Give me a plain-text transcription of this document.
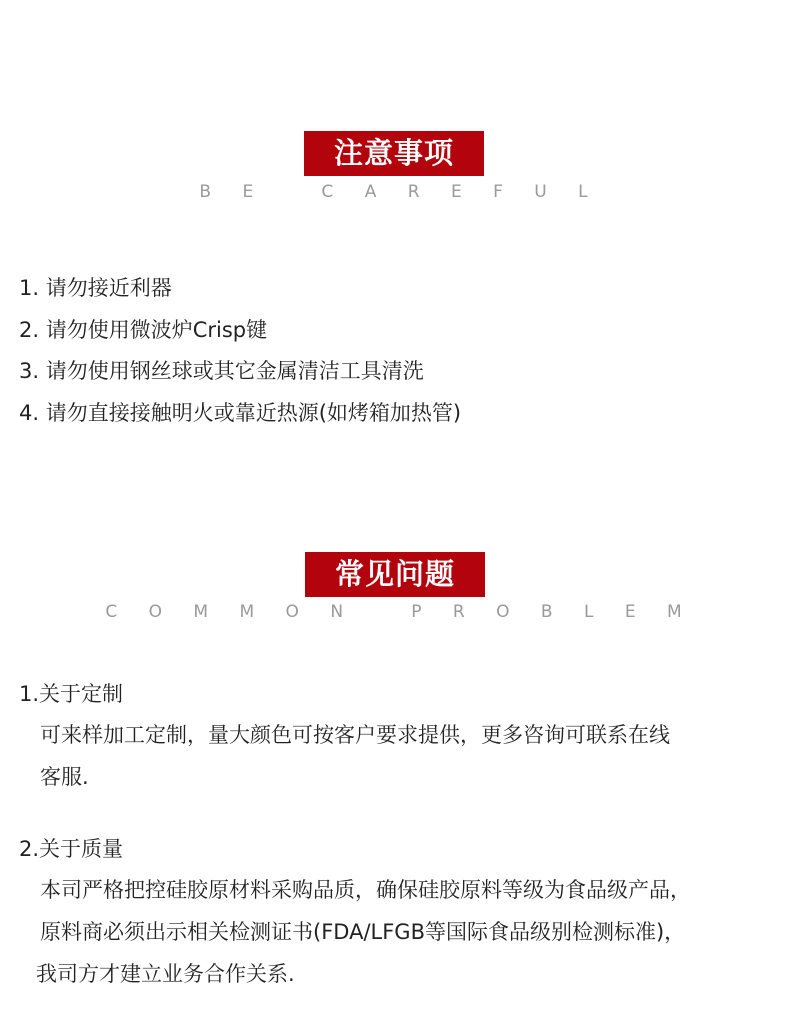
注意事项
B E   C A R E F U L
1. 请勿接近利器
2. 请勿使用微波炉Crisp键
3. 请勿使用钢丝球或其它金属清洁工具清洗
4. 请勿直接接触明火或靠近热源(如烤箱加热管)
常见问题
C O M M O N   P R O B L E M
1.关于定制
可来样加工定制，量大颜色可按客户要求提供，更多咨询可联系在线
客服.
2.关于质量
本司严格把控硅胶原材料采购品质，确保硅胶原料等级为食品级产品，
原料商必须出示相关检测证书(FDA/LFGB等国际食品级别检测标准)，
我司方才建立业务合作关系.
